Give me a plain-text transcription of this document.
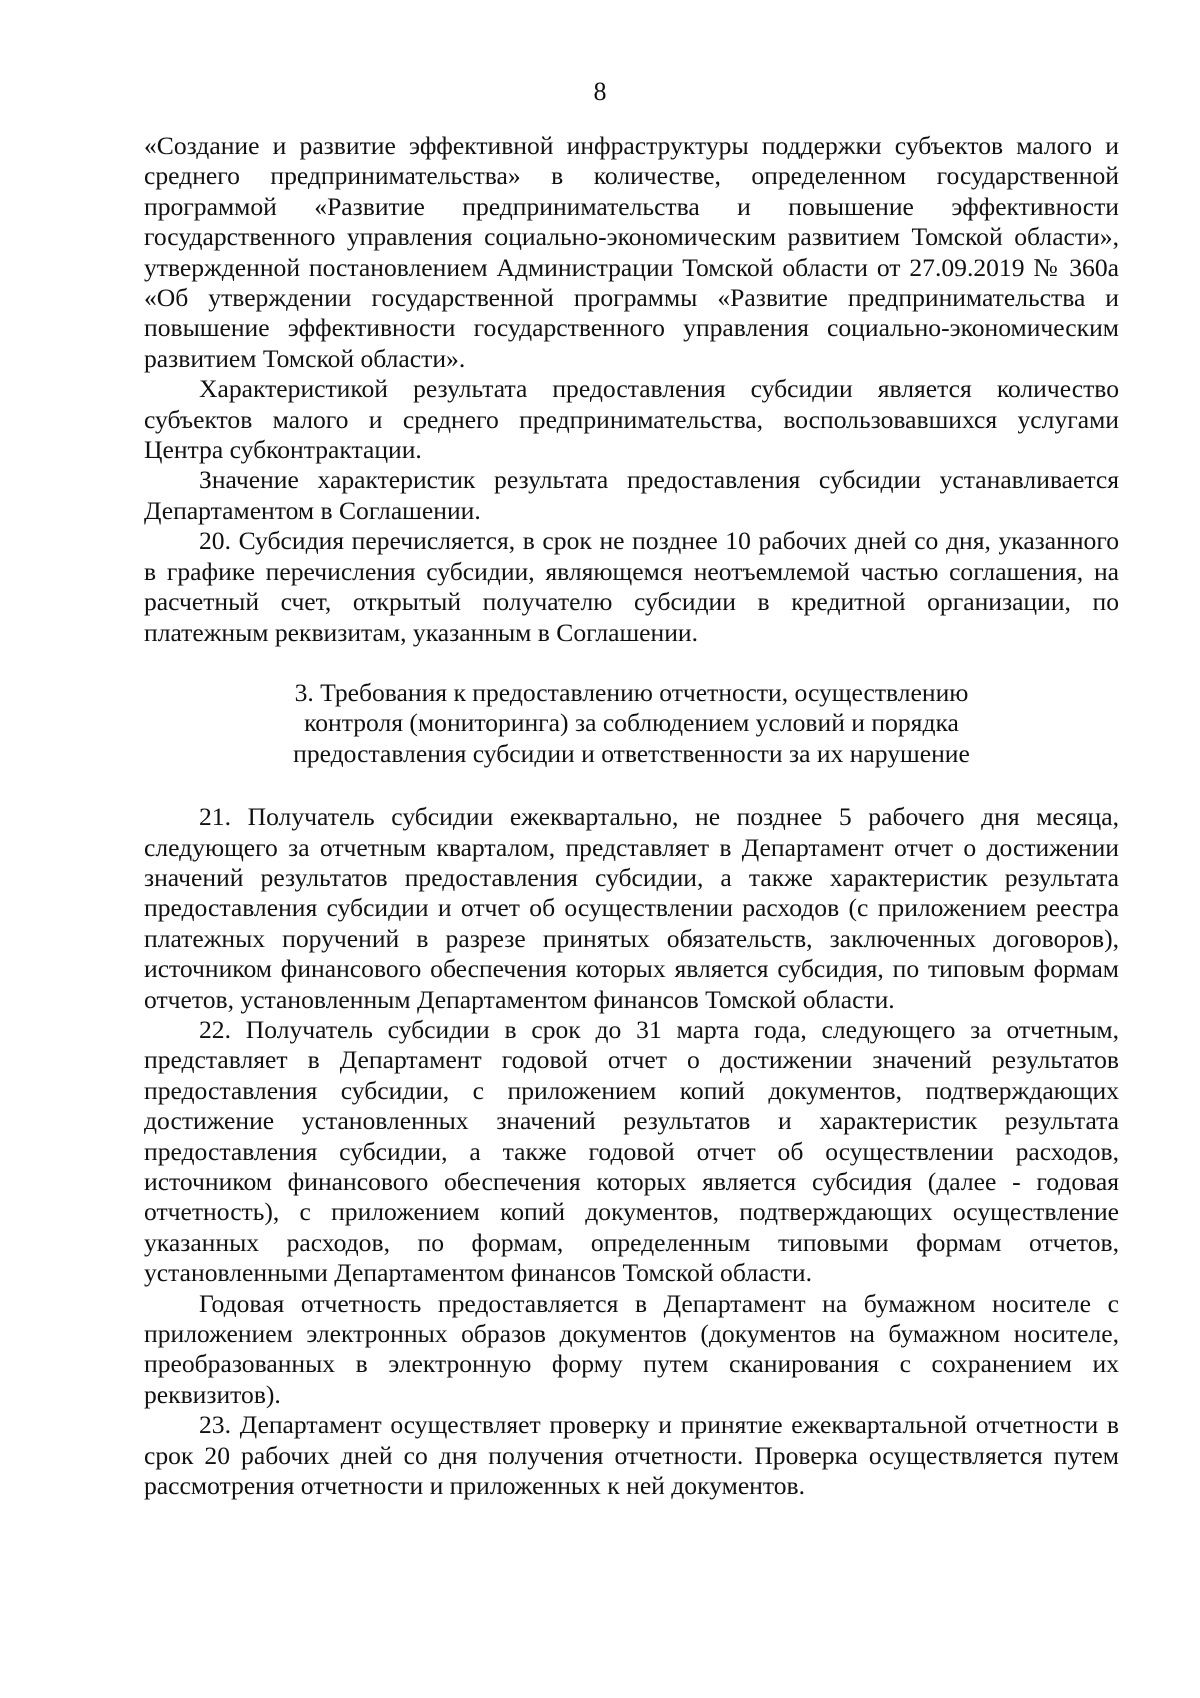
8

«Создание и развитие эффективной инфраструктуры поддержки субъектов малого и среднего предпринимательства» в количестве, определенном государственной программой «Развитие предпринимательства и повышение эффективности государственного управления социально-экономическим развитием Томской области», утвержденной постановлением Администрации Томской области от 27.09.2019 № 360а «Об утверждении государственной программы «Развитие предпринимательства и повышение эффективности государственного управления социально-экономическим развитием Томской области».

Характеристикой результата предоставления субсидии является количество субъектов малого и среднего предпринимательства, воспользовавшихся услугами Центра субконтрактации.

Значение характеристик результата предоставления субсидии устанавливается Департаментом в Соглашении.

20. Субсидия перечисляется, в срок не позднее 10 рабочих дней со дня, указанного в графике перечисления субсидии, являющемся неотъемлемой частью соглашения, на расчетный счет, открытый получателю субсидии в кредитной организации, по платежным реквизитам, указанным в Соглашении.

3. Требования к предоставлению отчетности, осуществлению
контроля (мониторинга) за соблюдением условий и порядка
предоставления субсидии и ответственности за их нарушение

21. Получатель субсидии ежеквартально, не позднее 5 рабочего дня месяца, следующего за отчетным кварталом, представляет в Департамент отчет о достижении значений результатов предоставления субсидии, а также характеристик результата предоставления субсидии и отчет об осуществлении расходов (с приложением реестра платежных поручений в разрезе принятых обязательств, заключенных договоров), источником финансового обеспечения которых является субсидия, по типовым формам отчетов, установленным Департаментом финансов Томской области.

22. Получатель субсидии в срок до 31 марта года, следующего за отчетным, представляет в Департамент годовой отчет о достижении значений результатов предоставления субсидии, с приложением копий документов, подтверждающих достижение установленных значений результатов и характеристик результата предоставления субсидии, а также годовой отчет об осуществлении расходов, источником финансового обеспечения которых является субсидия (далее - годовая отчетность), с приложением копий документов, подтверждающих осуществление указанных расходов, по формам, определенным типовыми формам отчетов, установленными Департаментом финансов Томской области.

Годовая отчетность предоставляется в Департамент на бумажном носителе с приложением электронных образов документов (документов на бумажном носителе, преобразованных в электронную форму путем сканирования с сохранением их реквизитов).

23. Департамент осуществляет проверку и принятие ежеквартальной отчетности в срок 20 рабочих дней со дня получения отчетности. Проверка осуществляется путем рассмотрения отчетности и приложенных к ней документов.
